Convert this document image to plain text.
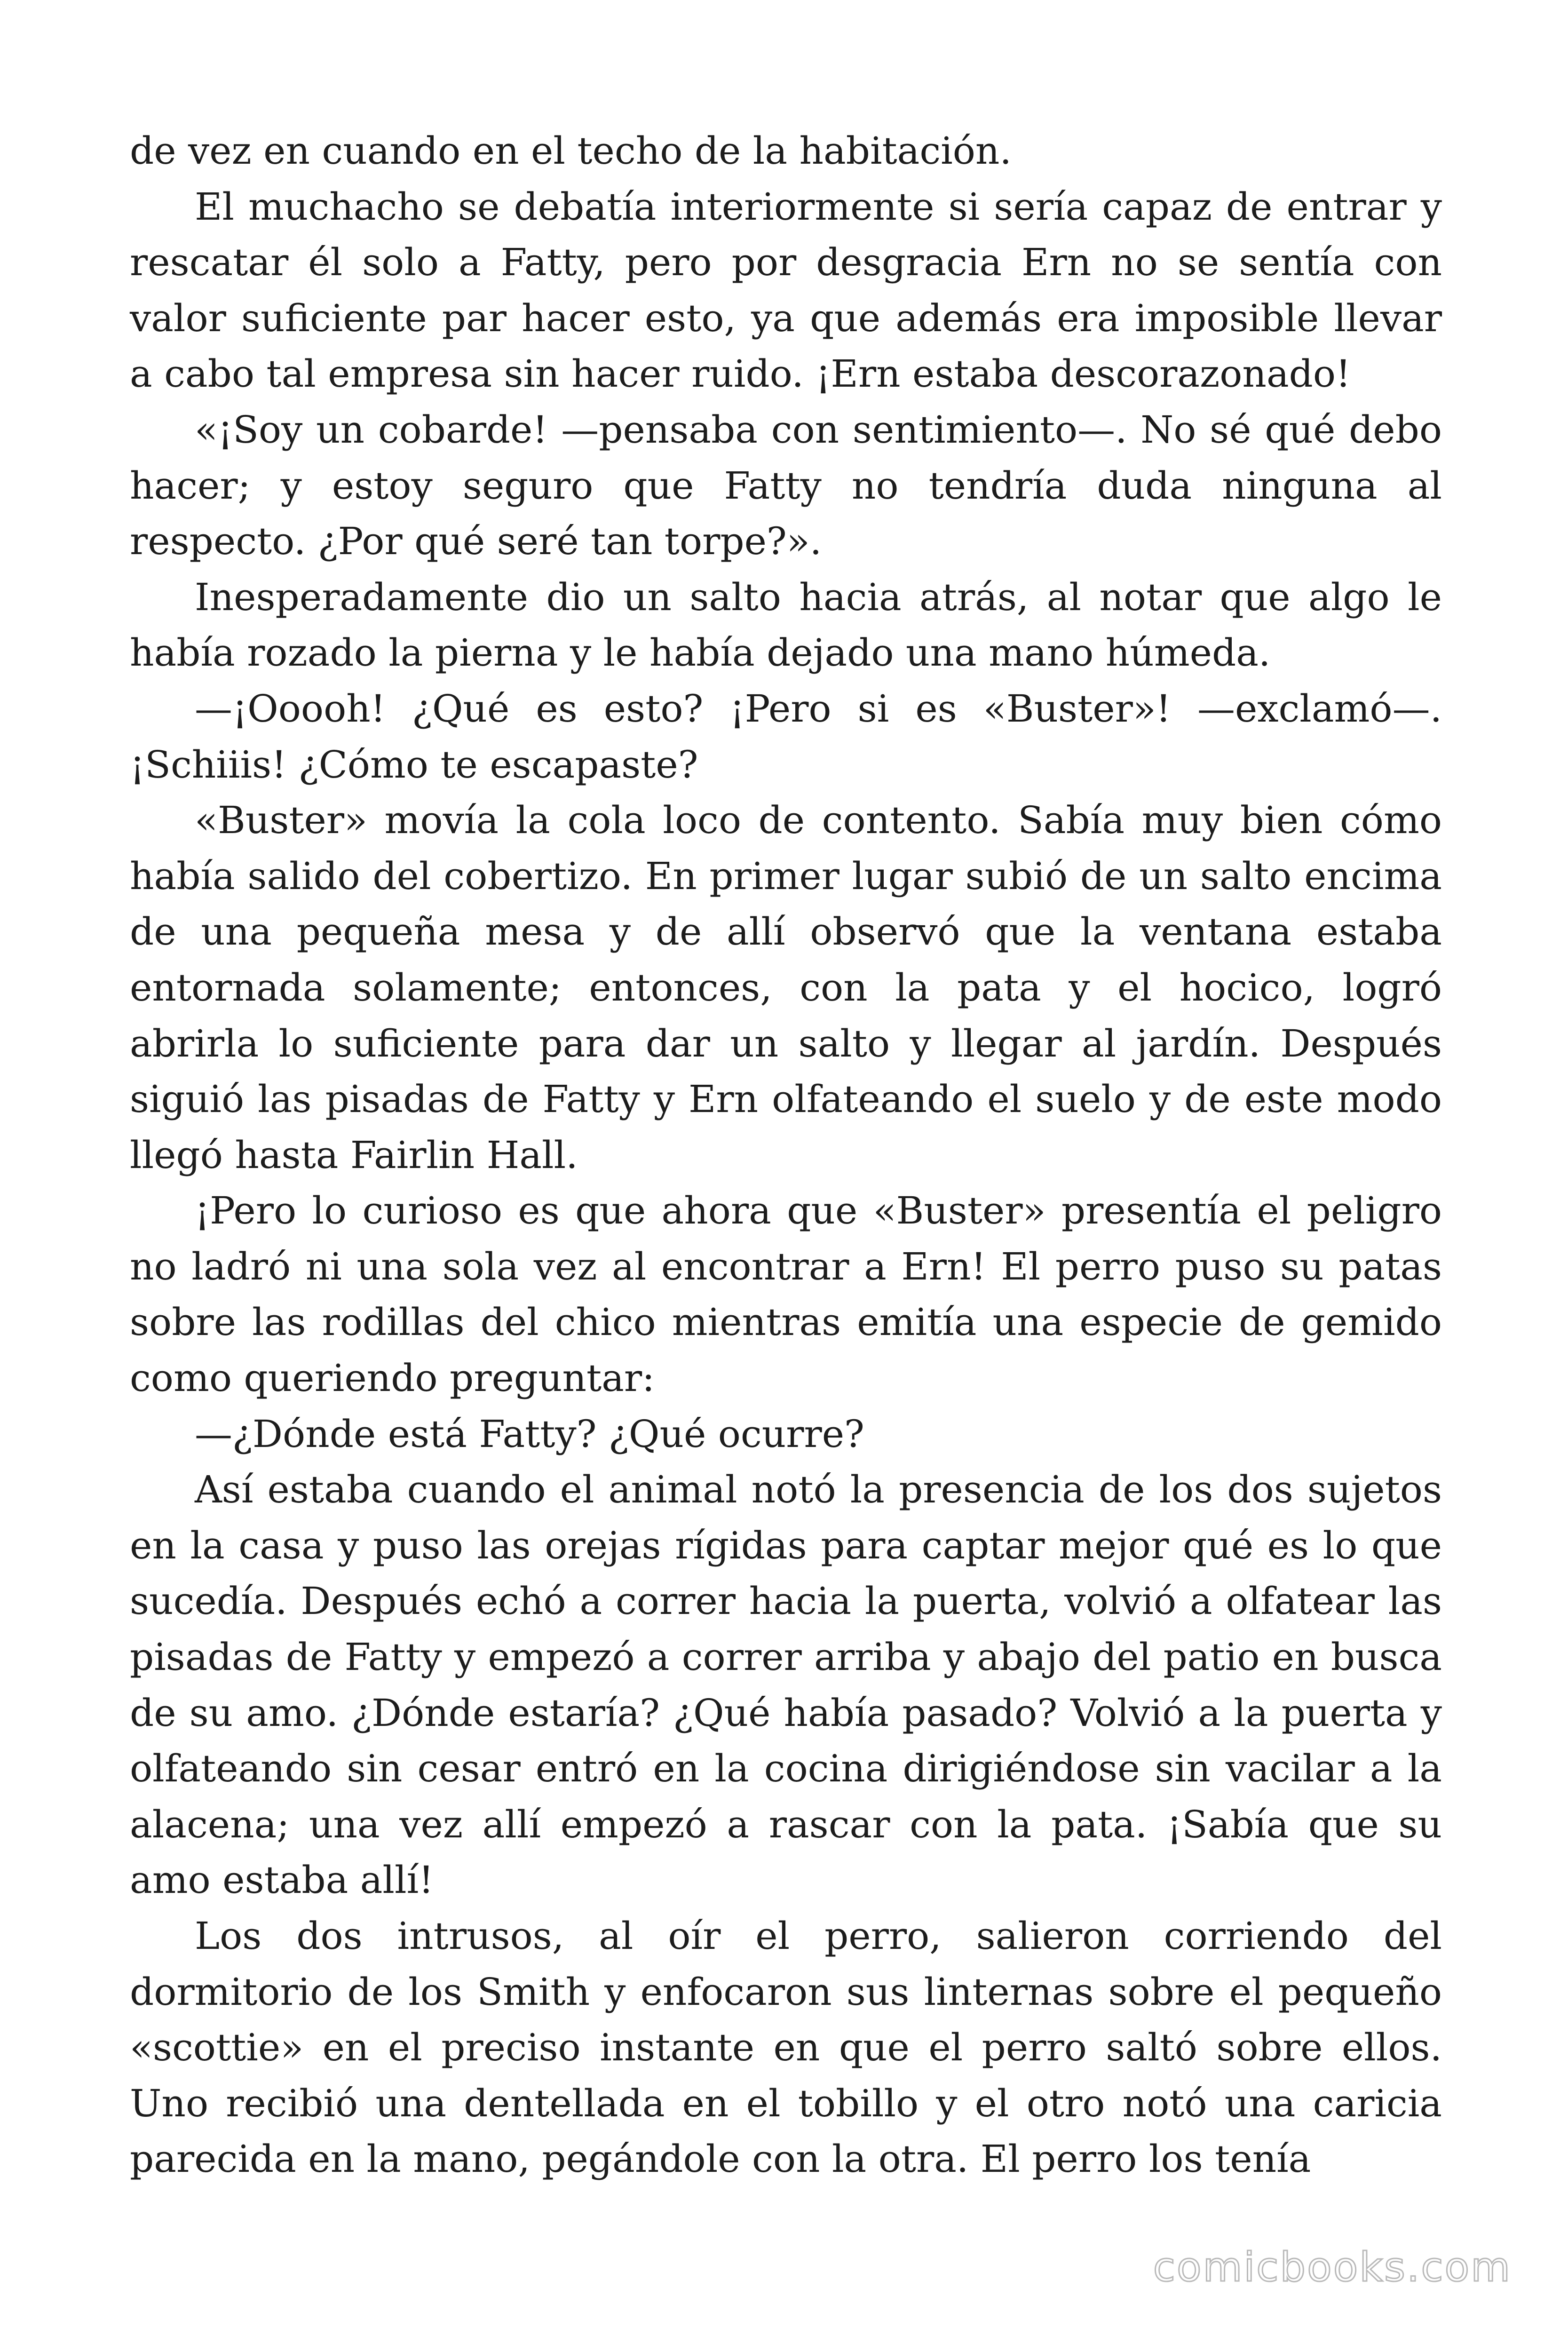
de vez en cuando en el techo de la habitación.

El muchacho se debatía interiormente si sería capaz de entrar y rescatar él solo a Fatty, pero por desgracia Ern no se sentía con valor suficiente par hacer esto, ya que además era imposible llevar a cabo tal empresa sin hacer ruido. ¡Ern estaba descorazonado!

«¡Soy un cobarde! —pensaba con sentimiento—. No sé qué debo hacer; y estoy seguro que Fatty no tendría duda ninguna al respecto. ¿Por qué seré tan torpe?».

Inesperadamente dio un salto hacia atrás, al notar que algo le había rozado la pierna y le había dejado una mano húmeda.

—¡Ooooh! ¿Qué es esto? ¡Pero si es «Buster»! —exclamó—. ¡Schiiis! ¿Cómo te escapaste?

«Buster» movía la cola loco de contento. Sabía muy bien cómo había salido del cobertizo. En primer lugar subió de un salto encima de una pequeña mesa y de allí observó que la ventana estaba entornada solamente; entonces, con la pata y el hocico, logró abrirla lo suficiente para dar un salto y llegar al jardín. Después siguió las pisadas de Fatty y Ern olfateando el suelo y de este modo llegó hasta Fairlin Hall.

¡Pero lo curioso es que ahora que «Buster» presentía el peligro no ladró ni una sola vez al encontrar a Ern! El perro puso su patas sobre las rodillas del chico mientras emitía una especie de gemido como queriendo preguntar:

—¿Dónde está Fatty? ¿Qué ocurre?

Así estaba cuando el animal notó la presencia de los dos sujetos en la casa y puso las orejas rígidas para captar mejor qué es lo que sucedía. Después echó a correr hacia la puerta, volvió a olfatear las pisadas de Fatty y empezó a correr arriba y abajo del patio en busca de su amo. ¿Dónde estaría? ¿Qué había pasado? Volvió a la puerta y olfateando sin cesar entró en la cocina dirigiéndose sin vacilar a la alacena; una vez allí empezó a rascar con la pata. ¡Sabía que su amo estaba allí!

Los dos intrusos, al oír el perro, salieron corriendo del dormitorio de los Smith y enfocaron sus linternas sobre el pequeño «scottie» en el preciso instante en que el perro saltó sobre ellos. Uno recibió una dentellada en el tobillo y el otro notó una caricia parecida en la mano, pegándole con la otra. El perro los tenía

comicbooks.com
